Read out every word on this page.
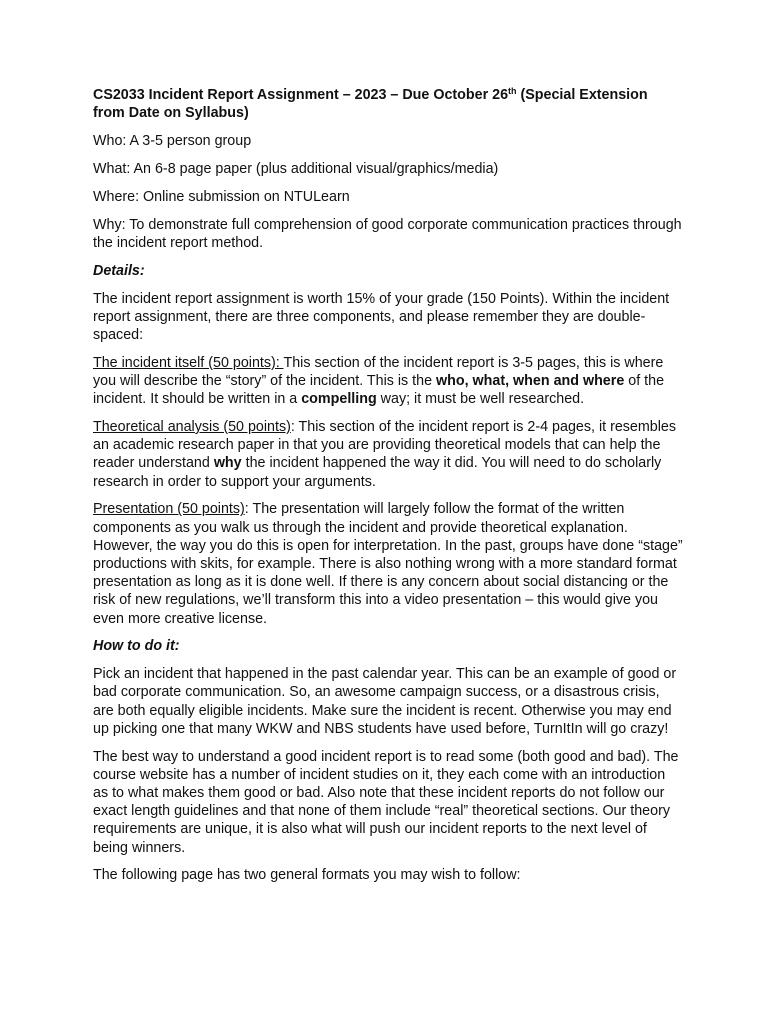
CS2033 Incident Report Assignment – 2023 – Due October 26th (Special Extension from Date on Syllabus)

Who: A 3-5 person group

What: An 6-8 page paper (plus additional visual/graphics/media)

Where: Online submission on NTULearn

Why: To demonstrate full comprehension of good corporate communication practices through the incident report method.

Details:

The incident report assignment is worth 15% of your grade (150 Points). Within the incident report assignment, there are three components, and please remember they are double-spaced:

The incident itself (50 points): This section of the incident report is 3-5 pages, this is where you will describe the “story” of the incident. This is the who, what, when and where of the incident. It should be written in a compelling way; it must be well researched.

Theoretical analysis (50 points): This section of the incident report is 2-4 pages, it resembles an academic research paper in that you are providing theoretical models that can help the reader understand why the incident happened the way it did. You will need to do scholarly research in order to support your arguments.

Presentation (50 points): The presentation will largely follow the format of the written components as you walk us through the incident and provide theoretical explanation. However, the way you do this is open for interpretation. In the past, groups have done “stage” productions with skits, for example. There is also nothing wrong with a more standard format presentation as long as it is done well. If there is any concern about social distancing or the risk of new regulations, we’ll transform this into a video presentation – this would give you even more creative license.

How to do it:

Pick an incident that happened in the past calendar year. This can be an example of good or bad corporate communication. So, an awesome campaign success, or a disastrous crisis, are both equally eligible incidents. Make sure the incident is recent. Otherwise you may end up picking one that many WKW and NBS students have used before, TurnItIn will go crazy!

The best way to understand a good incident report is to read some (both good and bad). The course website has a number of incident studies on it, they each come with an introduction as to what makes them good or bad. Also note that these incident reports do not follow our exact length guidelines and that none of them include “real” theoretical sections. Our theory requirements are unique, it is also what will push our incident reports to the next level of being winners.

The following page has two general formats you may wish to follow:
